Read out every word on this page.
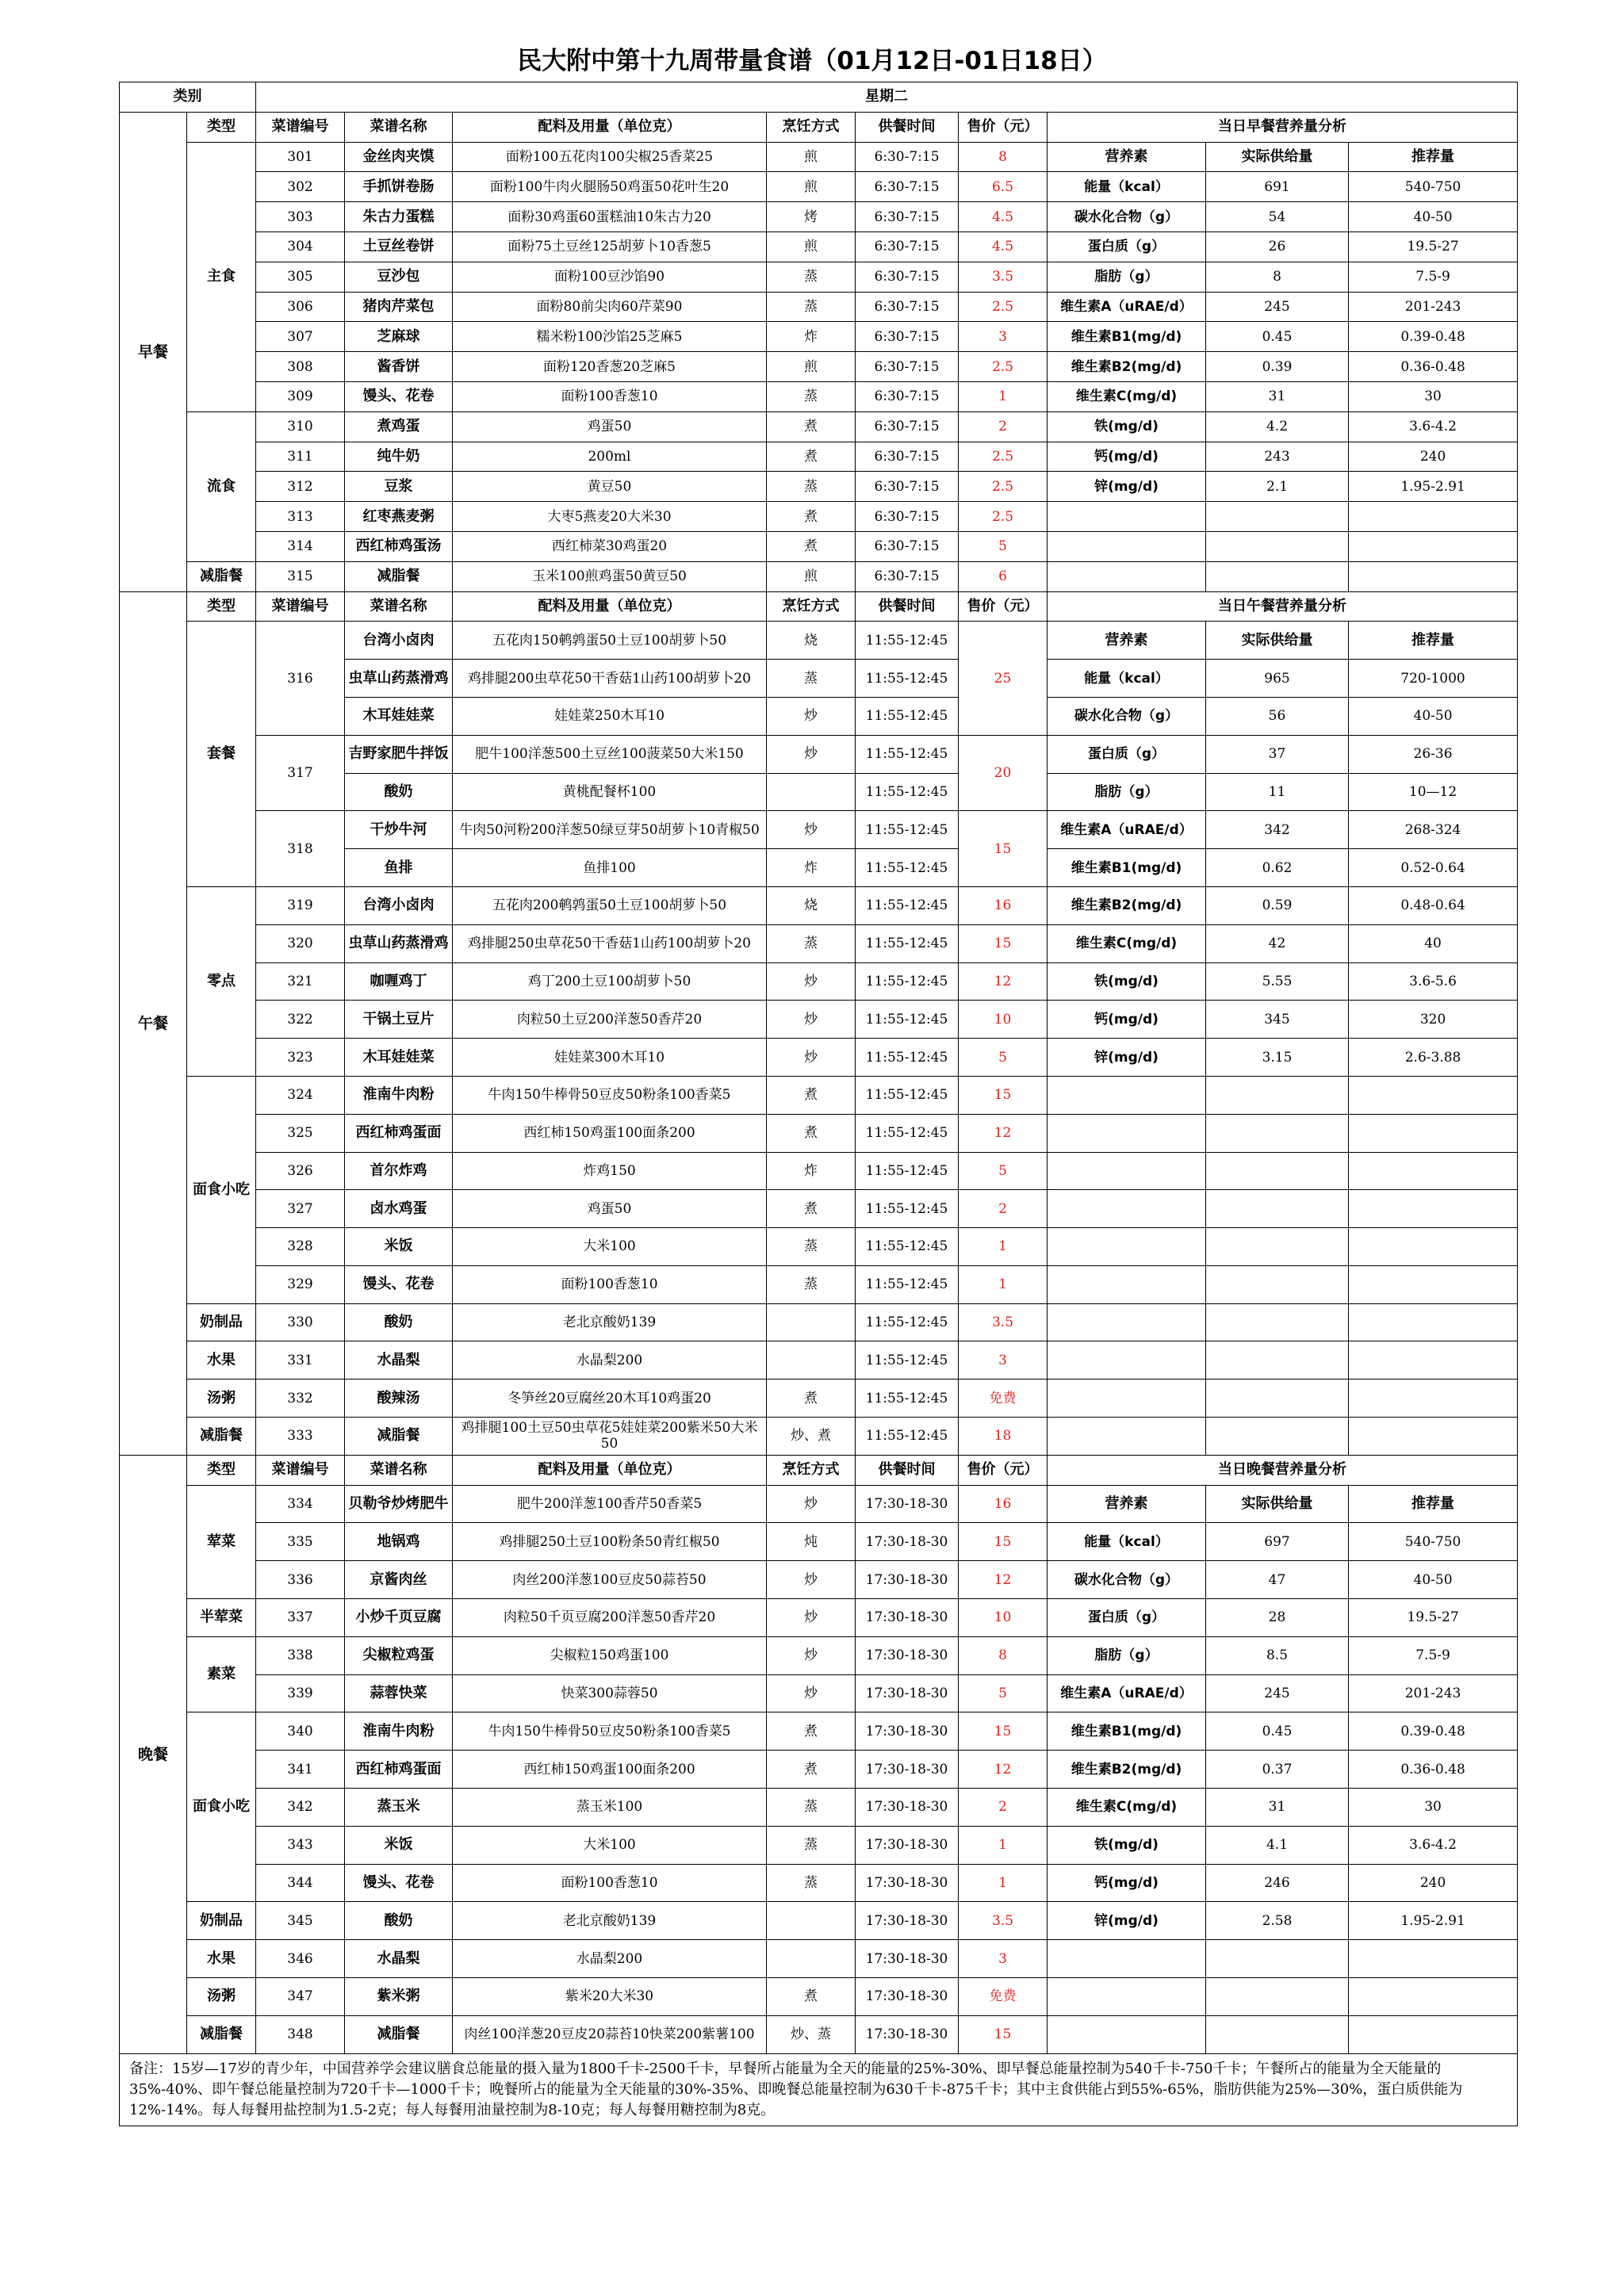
民大附中第十九周带量食谱（01月12日-01日18日）
类别		星期二								
早餐	类型	菜谱编号	菜谱名称	配料及用量（单位克）	烹饪方式	供餐时间	售价（元）	当日早餐营养量分析		
	主食	301	金丝肉夹馍	面粉100五花肉100尖椒25香菜25	煎	6:30-7:15	8	营养素	实际供给量	推荐量
		302	手抓饼卷肠	面粉100牛肉火腿肠50鸡蛋50花叶生20	煎	6:30-7:15	6.5	能量（kcal）	691	540-750
		303	朱古力蛋糕	面粉30鸡蛋60蛋糕油10朱古力20	烤	6:30-7:15	4.5	碳水化合物（g）	54	40-50
		304	土豆丝卷饼	面粉75土豆丝125胡萝卜10香葱5	煎	6:30-7:15	4.5	蛋白质（g）	26	19.5-27
		305	豆沙包	面粉100豆沙馅90	蒸	6:30-7:15	3.5	脂肪（g）	8	7.5-9
		306	猪肉芹菜包	面粉80前尖肉60芹菜90	蒸	6:30-7:15	2.5	维生素A（uRAE/d）	245	201-243
		307	芝麻球	糯米粉100沙馅25芝麻5	炸	6:30-7:15	3	维生素B1(mg/d)	0.45	0.39-0.48
		308	酱香饼	面粉120香葱20芝麻5	煎	6:30-7:15	2.5	维生素B2(mg/d)	0.39	0.36-0.48
		309	馒头、花卷	面粉100香葱10	蒸	6:30-7:15	1	维生素C(mg/d)	31	30
	流食	310	煮鸡蛋	鸡蛋50	煮	6:30-7:15	2	铁(mg/d)	4.2	3.6-4.2
		311	纯牛奶	200ml	煮	6:30-7:15	2.5	钙(mg/d)	243	240
		312	豆浆	黄豆50	蒸	6:30-7:15	2.5	锌(mg/d)	2.1	1.95-2.91
		313	红枣燕麦粥	大枣5燕麦20大米30	煮	6:30-7:15	2.5			
		314	西红柿鸡蛋汤	西红柿菜30鸡蛋20	煮	6:30-7:15	5			
	减脂餐	315	减脂餐	玉米100煎鸡蛋50黄豆50	煎	6:30-7:15	6			
午餐	类型	菜谱编号	菜谱名称	配料及用量（单位克）	烹饪方式	供餐时间	售价（元）	当日午餐营养量分析		
	套餐	316	台湾小卤肉	五花肉150鹌鹑蛋50土豆100胡萝卜50	烧	11:55-12:45	25	营养素	实际供给量	推荐量
			虫草山药蒸滑鸡	鸡排腿200虫草花50干香菇1山药100胡萝卜20	蒸	11:55-12:45		能量（kcal）	965	720-1000
			木耳娃娃菜	娃娃菜250木耳10	炒	11:55-12:45		碳水化合物（g）	56	40-50
		317	吉野家肥牛拌饭	肥牛100洋葱500土豆丝100菠菜50大米150	炒	11:55-12:45	20	蛋白质（g）	37	26-36
			酸奶	黄桃配餐杯100		11:55-12:45		脂肪（g）	11	10—12
		318	干炒牛河	牛肉50河粉200洋葱50绿豆芽50胡萝卜10青椒50	炒	11:55-12:45	15	维生素A（uRAE/d）	342	268-324
			鱼排	鱼排100	炸	11:55-12:45		维生素B1(mg/d)	0.62	0.52-0.64
	零点	319	台湾小卤肉	五花肉200鹌鹑蛋50土豆100胡萝卜50	烧	11:55-12:45	16	维生素B2(mg/d)	0.59	0.48-0.64
		320	虫草山药蒸滑鸡	鸡排腿250虫草花50干香菇1山药100胡萝卜20	蒸	11:55-12:45	15	维生素C(mg/d)	42	40
		321	咖喱鸡丁	鸡丁200土豆100胡萝卜50	炒	11:55-12:45	12	铁(mg/d)	5.55	3.6-5.6
		322	干锅土豆片	肉粒50土豆200洋葱50香芹20	炒	11:55-12:45	10	钙(mg/d)	345	320
		323	木耳娃娃菜	娃娃菜300木耳10	炒	11:55-12:45	5	锌(mg/d)	3.15	2.6-3.88
	面食小吃	324	淮南牛肉粉	牛肉150牛棒骨50豆皮50粉条100香菜5	煮	11:55-12:45	15			
		325	西红柿鸡蛋面	西红柿150鸡蛋100面条200	煮	11:55-12:45	12			
		326	首尔炸鸡	炸鸡150	炸	11:55-12:45	5			
		327	卤水鸡蛋	鸡蛋50	煮	11:55-12:45	2			
		328	米饭	大米100	蒸	11:55-12:45	1			
		329	馒头、花卷	面粉100香葱10	蒸	11:55-12:45	1			
	奶制品	330	酸奶	老北京酸奶139		11:55-12:45	3.5			
	水果	331	水晶梨	水晶梨200		11:55-12:45	3			
	汤粥	332	酸辣汤	冬笋丝20豆腐丝20木耳10鸡蛋20	煮	11:55-12:45	免费			
	减脂餐	333	减脂餐	鸡排腿100土豆50虫草花5娃娃菜200紫米50大米50	炒、煮	11:55-12:45	18			
晚餐	类型	菜谱编号	菜谱名称	配料及用量（单位克）	烹饪方式	供餐时间	售价（元）	当日晚餐营养量分析		
	荤菜	334	贝勒爷炒烤肥牛	肥牛200洋葱100香芹50香菜5	炒	17:30-18-30	16	营养素	实际供给量	推荐量
		335	地锅鸡	鸡排腿250土豆100粉条50青红椒50	炖	17:30-18-30	15	能量（kcal）	697	540-750
		336	京酱肉丝	肉丝200洋葱100豆皮50蒜苔50	炒	17:30-18-30	12	碳水化合物（g）	47	40-50
	半荤菜	337	小炒千页豆腐	肉粒50千页豆腐200洋葱50香芹20	炒	17:30-18-30	10	蛋白质（g）	28	19.5-27
	素菜	338	尖椒粒鸡蛋	尖椒粒150鸡蛋100	炒	17:30-18-30	8	脂肪（g）	8.5	7.5-9
		339	蒜蓉快菜	快菜300蒜蓉50	炒	17:30-18-30	5	维生素A（uRAE/d）	245	201-243
	面食小吃	340	淮南牛肉粉	牛肉150牛棒骨50豆皮50粉条100香菜5	煮	17:30-18-30	15	维生素B1(mg/d)	0.45	0.39-0.48
		341	西红柿鸡蛋面	西红柿150鸡蛋100面条200	煮	17:30-18-30	12	维生素B2(mg/d)	0.37	0.36-0.48
		342	蒸玉米	蒸玉米100	蒸	17:30-18-30	2	维生素C(mg/d)	31	30
		343	米饭	大米100	蒸	17:30-18-30	1	铁(mg/d)	4.1	3.6-4.2
		344	馒头、花卷	面粉100香葱10	蒸	17:30-18-30	1	钙(mg/d)	246	240
	奶制品	345	酸奶	老北京酸奶139		17:30-18-30	3.5	锌(mg/d)	2.58	1.95-2.91
	水果	346	水晶梨	水晶梨200		17:30-18-30	3			
	汤粥	347	紫米粥	紫米20大米30	煮	17:30-18-30	免费			
	减脂餐	348	减脂餐	肉丝100洋葱20豆皮20蒜苔10快菜200紫薯100	炒、蒸	17:30-18-30	15			
备注：15岁—17岁的青少年，中国营养学会建议膳食总能量的摄入量为1800千卡-2500千卡，早餐所占能量为全天的能量的25%-30%、即早餐总能量控制为540千卡-750千卡；午餐所占的能量为全天能量的35%-40%、即午餐总能量控制为720千卡—1000千卡；晚餐所占的能量为全天能量的30%-35%、即晚餐总能量控制为630千卡-875千卡；其中主食供能占到55%-65%，脂肪供能为25%—30%，蛋白质供能为12%-14%。每人每餐用盐控制为1.5-2克；每人每餐用油量控制为8-10克；每人每餐用糖控制为8克。										
